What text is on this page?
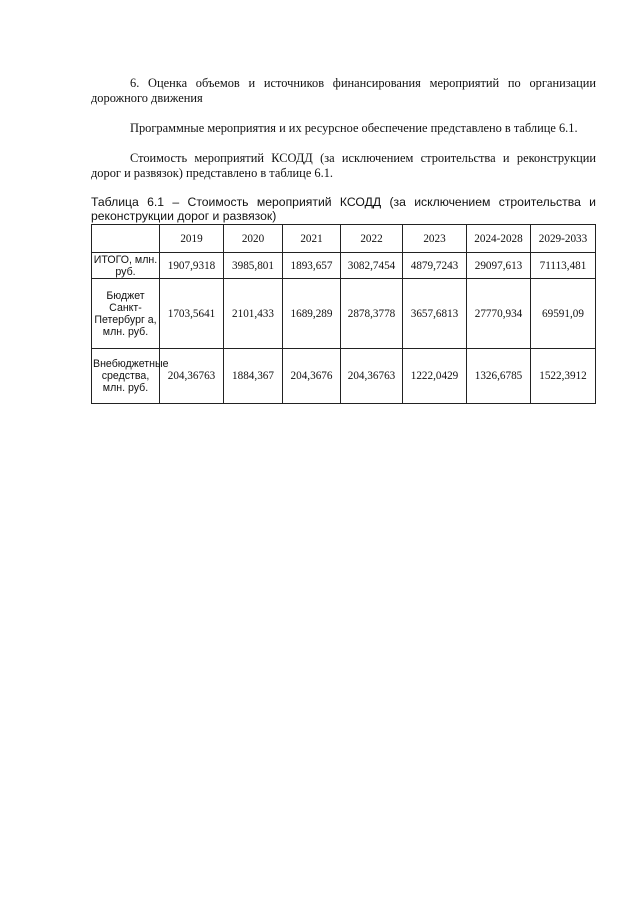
6. Оценка объемов и источников финансирования мероприятий по организации дорожного движения

Программные мероприятия и их ресурсное обеспечение представлено в таблице 6.1.

Стоимость мероприятий КСОДД (за исключением строительства и реконструкции дорог и развязок) представлено в таблице 6.1.

Таблица 6.1 – Стоимость мероприятий КСОДД (за исключением строительства и реконструкции дорог и развязок)

	2019	2020	2021	2022	2023	2024-2028	2029-2033
ИТОГО, млн. руб.	1907,9318	3985,801	1893,657	3082,7454	4879,7243	29097,613	71113,481
Бюджет Санкт-Петербург а, млн. руб.	1703,5641	2101,433	1689,289	2878,3778	3657,6813	27770,934	69591,09
Внебюджетные средства, млн. руб.	204,36763	1884,367	204,3676	204,36763	1222,0429	1326,6785	1522,3912
